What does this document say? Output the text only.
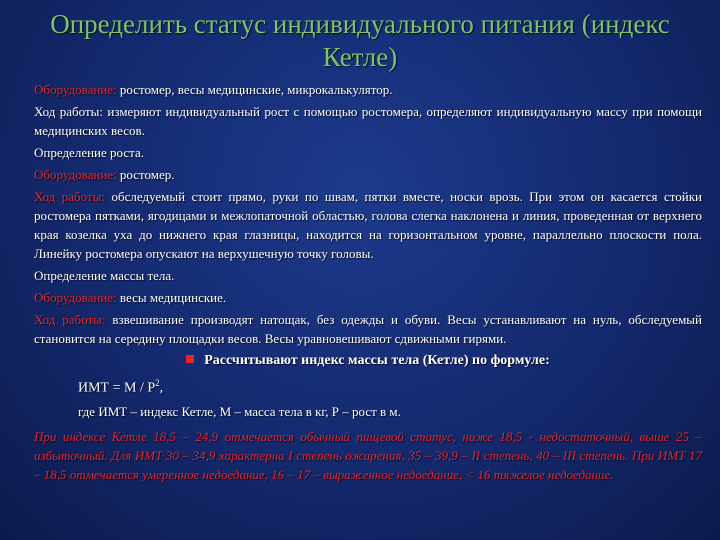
Определить статус индивидуального питания (индекс Кетле)

Оборудование: ростомер, весы медицинские, микрокалькулятор.

Ход работы: измеряют индивидуальный рост с помощью ростомера, определяют индивидуальную массу при помощи медицинских весов.

Определение роста.

Оборудование: ростомер.

Ход работы: обследуемый стоит прямо, руки по швам, пятки вместе, носки врозь. При этом он касается стойки ростомера пятками, ягодицами и межлопаточной областью, голова слегка наклонена и линия, проведенная от верхнего края козелка уха до нижнего края глазницы, находится на горизонтальном уровне, параллельно плоскости пола. Линейку ростомера опускают на верхушечную точку головы.

Определение массы тела.

Оборудование: весы медицинские.

Ход работы: взвешивание производят натощак, без одежды и обуви. Весы устанавливают на нуль, обследуемый становится на середину площадки весов. Весы уравновешивают сдвижными гирями.

Рассчитывают индекс массы тела (Кетле) по формуле:
ИМТ = М / $Р^2$,
где ИМТ – индекс Кетле, М – масса тела в кг, Р – рост в м.

При индексе Кетле 18,5 – 24,9 отмечается обычный пищевой статус, ниже 18,5 - недостаточный, выше 25 – избыточный. Для ИМТ 30 – 34,9 характерна I степень ожирения, 35 – 39,9 – II степень, 40 – III степень. При ИМТ 17 – 18,5 отмечается умеренное недоедание, 16 – 17 – выраженное недоедание, < 16 тяжелое недоедание.
